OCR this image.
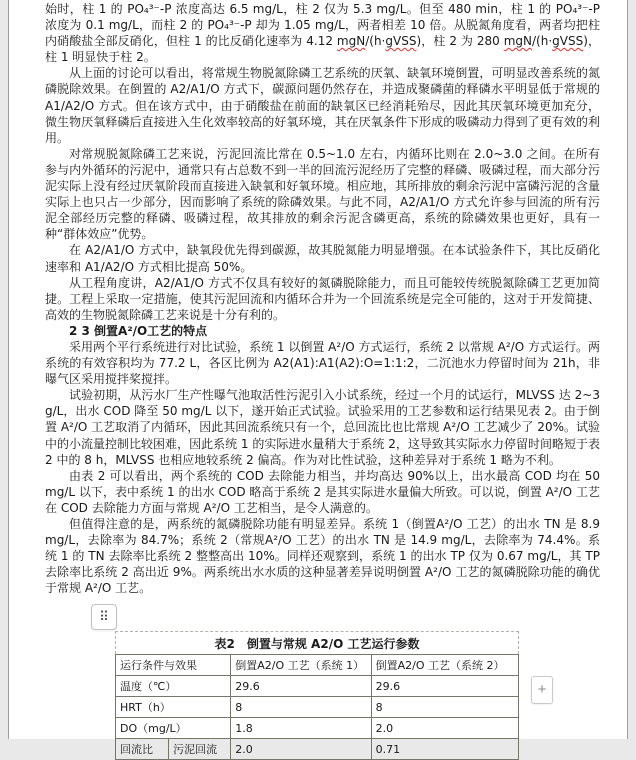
始时，柱 1 的 PO₄³⁻-P 浓度高达 6.5 mg/L，柱 2 仅为 5.3 mg/L。但至 480 min，柱 1 的 PO₄³⁻-P 浓度为 0.1 mg/L，而柱 2 的 PO₄³⁻-P 却为 1.05 mg/L，两者相差 10 倍。从脱氮角度看，两者均把柱内硝酸盐全部反硝化，但柱 1 的比反硝化速率为 4.12 mgN/(h·gVSS)，柱 2 为 280 mgN/(h·gVSS)，柱 1 明显快于柱 2。

从上面的讨论可以看出，将常规生物脱氮除磷工艺系统的厌氧、缺氧环境倒置，可明显改善系统的氮磷脱除效果。在倒置的 A2/A1/O 方式下，碳源问题仍然存在，并造成聚磷菌的释磷水平明显低于常规的 A1/A2/O 方式。但在该方式中，由于硝酸盐在前面的缺氧区已经消耗殆尽，因此其厌氧环境更加充分，微生物厌氧释磷后直接进入生化效率较高的好氧环境，其在厌氧条件下形成的吸磷动力得到了更有效的利用。

对常规脱氮除磷工艺来说，污泥回流比常在 0.5~1.0 左右，内循环比则在 2.0~3.0 之间。在所有参与内外循环的污泥中，通常只有占总数不到一半的回流污泥经历了完整的释磷、吸磷过程，而大部分污泥实际上没有经过厌氧阶段而直接进入缺氧和好氧环境。相应地，其所排放的剩余污泥中富磷污泥的含量实际上也只占一少部分，因而影响了系统的除磷效果。与此不同，A2/A1/O 方式允许参与回流的所有污泥全部经历完整的释磷、吸磷过程，故其排放的剩余污泥含磷更高，系统的除磷效果也更好，具有一种“群体效应”优势。

在 A2/A1/O 方式中，缺氧段优先得到碳源，故其脱氮能力明显增强。在本试验条件下，其比反硝化速率和 A1/A2/O 方式相比提高 50%。

从工程角度讲，A2/A1/O 方式不仅具有较好的氮磷脱除能力，而且可能较传统脱氮除磷工艺更加简捷。工程上采取一定措施，使其污泥回流和内循环合并为一个回流系统是完全可能的，这对于开发简捷、高效的生物脱氮除磷工艺来说是十分有利的。

2 3 倒置A²/O工艺的特点

采用两个平行系统进行对比试验，系统 1 以倒置 A²/O 方式运行，系统 2 以常规 A²/O 方式运行。两系统的有效容积均为 77.2 L，各区比例为 A2(A1):A1(A2):O=1:1:2，二沉池水力停留时间为 21h，非曝气区采用搅拌桨搅拌。

试验初期，从污水厂生产性曝气池取活性污泥引入小试系统，经过一个月的试运行，MLVSS 达 2~3 g/L，出水 COD 降至 50 mg/L 以下，遂开始正式试验。试验采用的工艺参数和运行结果见表 2。由于倒置 A²/O 工艺取消了内循环，因此其回流系统只有一个，总回流比也比常规 A²/O 工艺减少了 20%。试验中的小流量控制比较困难，因此系统 1 的实际进水量稍大于系统 2，这导致其实际水力停留时间略短于表 2 中的 8 h，MLVSS 也相应地较系统 2 偏高。作为对比性试验，这种差异对于系统 1 略为不利。

由表 2 可以看出，两个系统的 COD 去除能力相当，并均高达 90%以上，出水最高 COD 均在 50 mg/L 以下，表中系统 1 的出水 COD 略高于系统 2 是其实际进水量偏大所致。可以说，倒置 A²/O 工艺在 COD 去除能力方面与常规 A²/O 工艺相当，是令人满意的。

但值得注意的是，两系统的氮磷脱除功能有明显差异。系统 1（倒置A²/O 工艺）的出水 TN 是 8.9mg/L，去除率为 84.7%；系统 2（常规A²/O 工艺）的出水 TN 是 14.9 mg/L，去除率为 74.4%。系统 1 的 TN 去除率比系统 2 整整高出 10%。同样还观察到，系统 1 的出水 TP 仅为 0.67 mg/L，其 TP 去除率比系统 2 高出近 9%。两系统出水水质的这种显著差异说明倒置 A²/O 工艺的氮磷脱除功能的确优于常规 A²/O 工艺。

⠿
表2　倒置与常规 A2/O 工艺运行参数
运行条件与效果		倒置A2/O 工艺（系统 1）	倒置A2/O 工艺（系统 2）
温度（℃）		29.6	29.6
HRT（h）		8	8
DO（mg/L）		1.8	2.0
回流比	污泥回流	2.0	0.71
+
